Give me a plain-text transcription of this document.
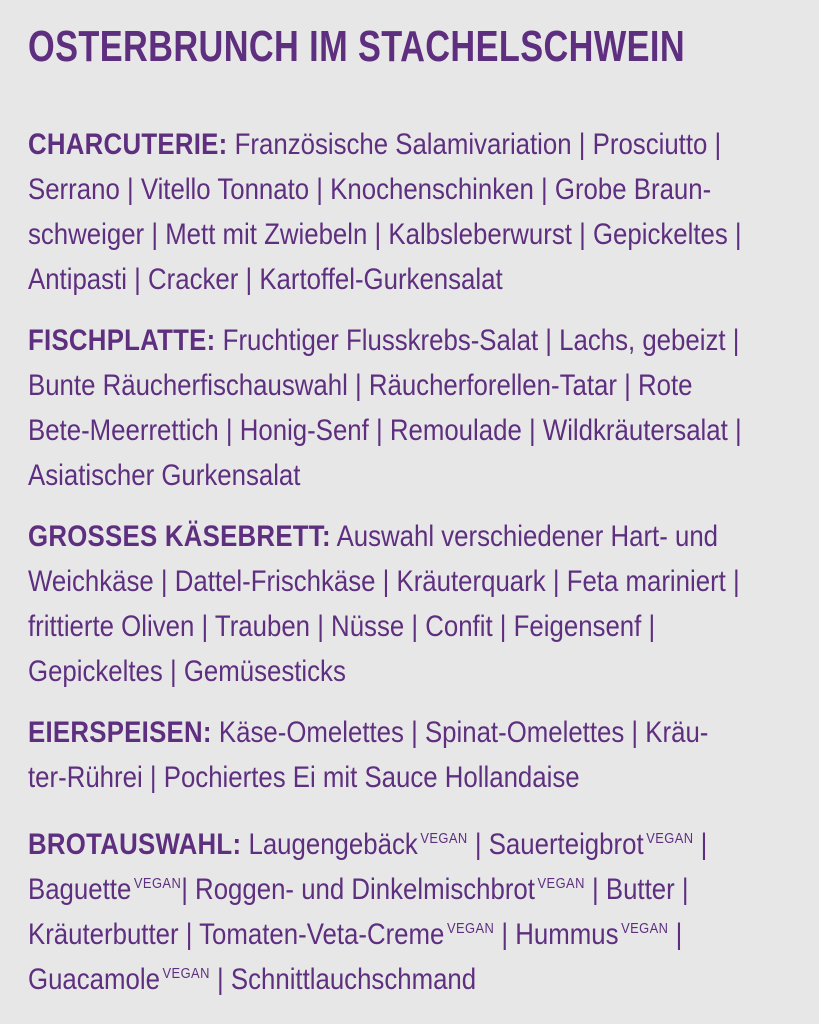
OSTERBRUNCH IM STACHELSCHWEIN
CHARCUTERIE: Französische Salamivariation | Prosciutto |
Serrano | Vitello Tonnato | Knochenschinken | Grobe Braun-
schweiger | Mett mit Zwiebeln | Kalbsleberwurst | Gepickeltes |
Antipasti | Cracker | Kartoffel-Gurkensalat
FISCHPLATTE: Fruchtiger Flusskrebs-Salat | Lachs, gebeizt |
Bunte Räucherfischauswahl | Räucherforellen-Tatar | Rote
Bete-Meerrettich | Honig-Senf | Remoulade | Wildkräutersalat |
Asiatischer Gurkensalat
GROSSES KÄSEBRETT: Auswahl verschiedener Hart- und
Weichkäse | Dattel-Frischkäse | Kräuterquark | Feta mariniert |
frittierte Oliven | Trauben | Nüsse | Confit | Feigensenf |
Gepickeltes | Gemüsesticks
EIERSPEISEN: Käse-Omelettes | Spinat-Omelettes | Kräu-
ter-Rührei | Pochiertes Ei mit Sauce Hollandaise
BROTAUSWAHL: Laugengebäck $^{VEGAN}$ | Sauerteigbrot $^{VEGAN}$ |
Baguette $^{VEGAN}$| Roggen- und Dinkelmischbrot $^{VEGAN}$ | Butter |
Kräuterbutter | Tomaten-Veta-Creme $^{VEGAN}$ | Hummus $^{VEGAN}$ |
Guacamole $^{VEGAN}$ | Schnittlauchschmand
